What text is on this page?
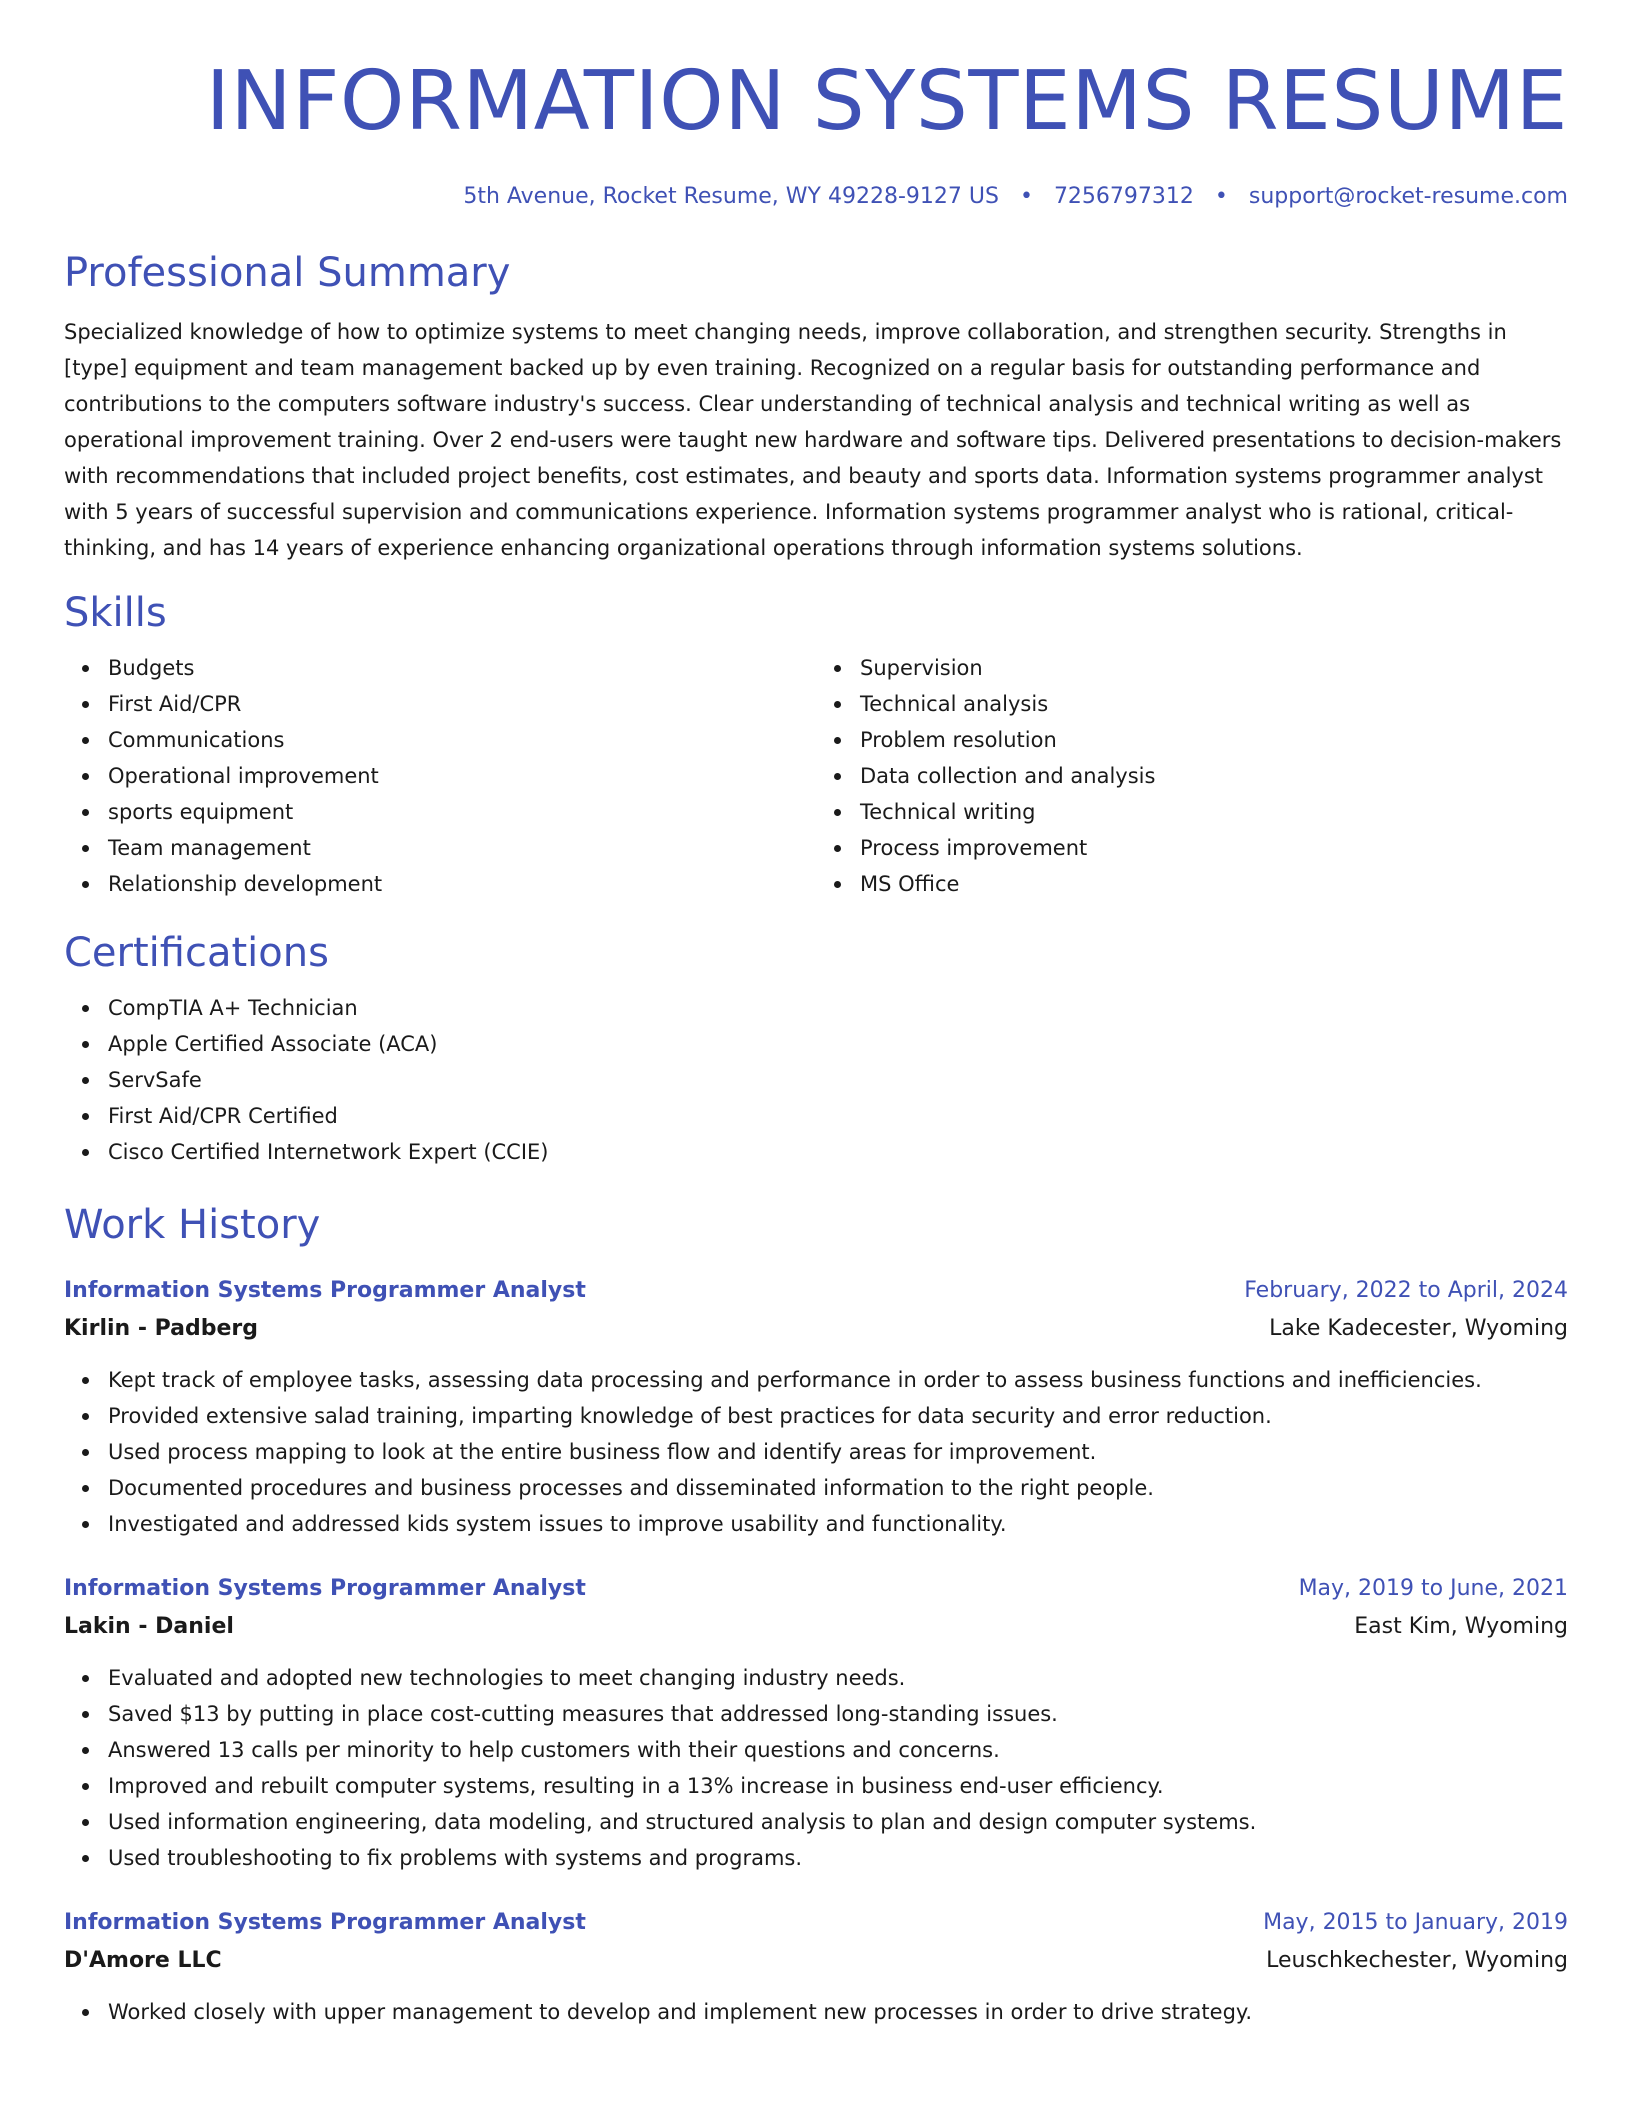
INFORMATION SYSTEMS RESUME
5th Avenue, Rocket Resume, WY 49228-9127 US • 7256797312 • support@rocket-resume.com
Professional Summary

Specialized knowledge of how to optimize systems to meet changing needs, improve collaboration, and strengthen security. Strengths in [type] equipment and team management backed up by even training. Recognized on a regular basis for outstanding performance and contributions to the computers software industry's success. Clear understanding of technical analysis and technical writing as well as operational improvement training. Over 2 end-users were taught new hardware and software tips. Delivered presentations to decision-makers with recommendations that included project benefits, cost estimates, and beauty and sports data. Information systems programmer analyst with 5 years of successful supervision and communications experience. Information systems programmer analyst who is rational, critical-thinking, and has 14 years of experience enhancing organizational operations through information systems solutions.

Skills
Budgets
First Aid/CPR
Communications
Operational improvement
sports equipment
Team management
Relationship development
Supervision
Technical analysis
Problem resolution
Data collection and analysis
Technical writing
Process improvement
MS Office
Certifications
CompTIA A+ Technician
Apple Certified Associate (ACA)
ServSafe
First Aid/CPR Certified
Cisco Certified Internetwork Expert (CCIE)
Work History
Information Systems Programmer Analyst	February, 2022 to April, 2024
Kirlin - Padberg	Lake Kadecester, Wyoming
Kept track of employee tasks, assessing data processing and performance in order to assess business functions and inefficiencies.
Provided extensive salad training, imparting knowledge of best practices for data security and error reduction.
Used process mapping to look at the entire business flow and identify areas for improvement.
Documented procedures and business processes and disseminated information to the right people.
Investigated and addressed kids system issues to improve usability and functionality.
Information Systems Programmer Analyst	May, 2019 to June, 2021
Lakin - Daniel	East Kim, Wyoming
Evaluated and adopted new technologies to meet changing industry needs.
Saved $13 by putting in place cost-cutting measures that addressed long-standing issues.
Answered 13 calls per minority to help customers with their questions and concerns.
Improved and rebuilt computer systems, resulting in a 13% increase in business end-user efficiency.
Used information engineering, data modeling, and structured analysis to plan and design computer systems.
Used troubleshooting to fix problems with systems and programs.
Information Systems Programmer Analyst	May, 2015 to January, 2019
D'Amore LLC	Leuschkechester, Wyoming
Worked closely with upper management to develop and implement new processes in order to drive strategy.
